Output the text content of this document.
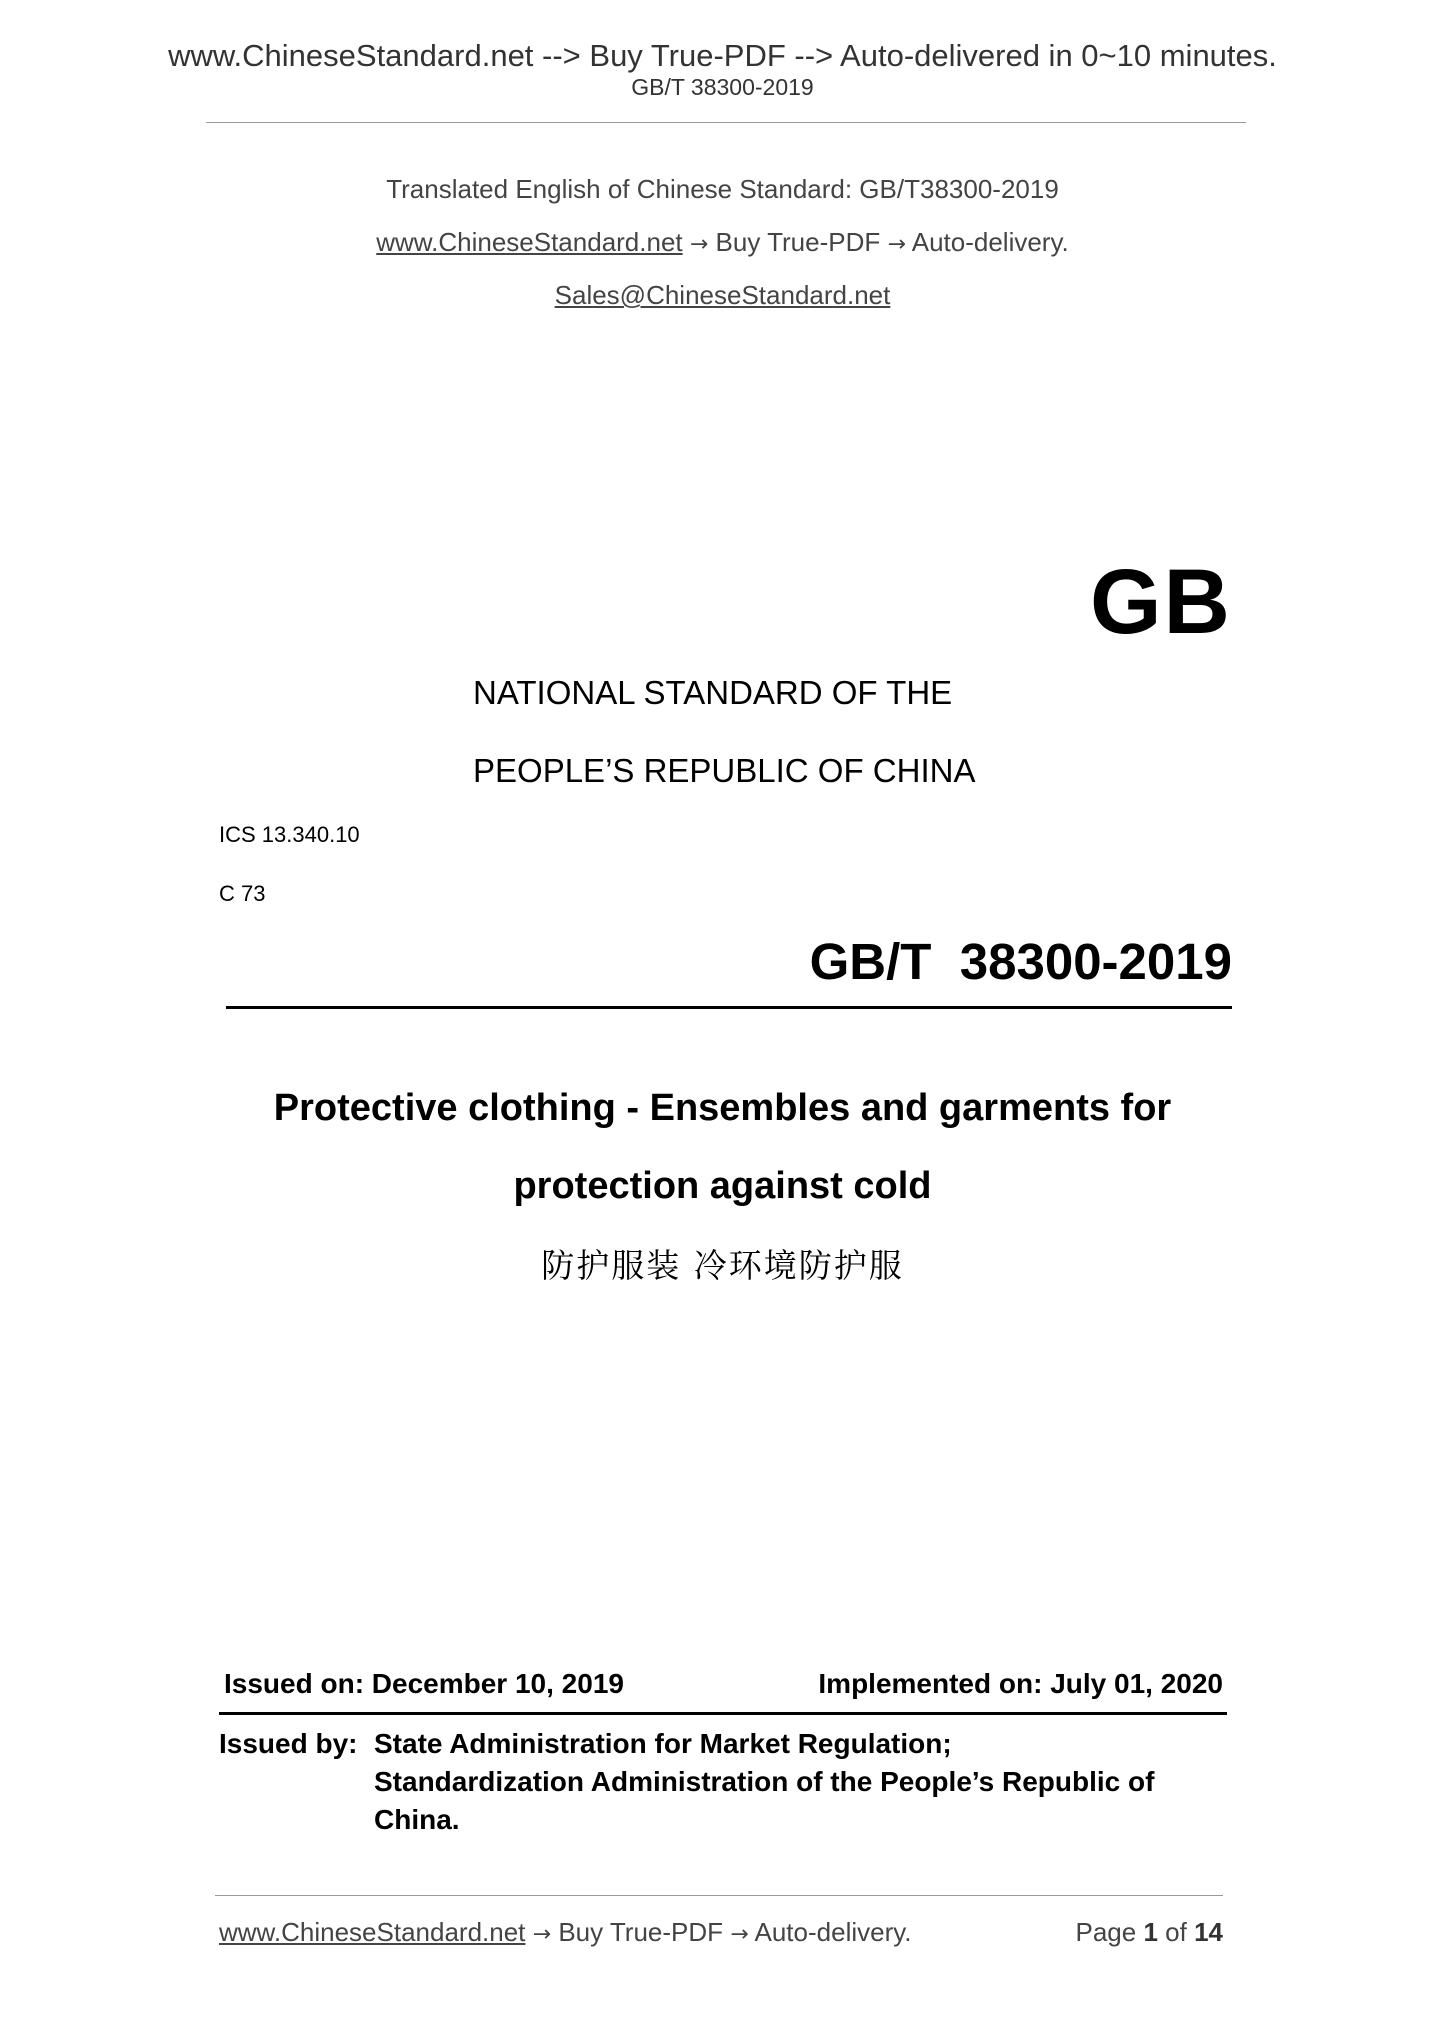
www.ChineseStandard.net --> Buy True-PDF --> Auto-delivered in 0~10 minutes.
GB/T 38300-2019
Translated English of Chinese Standard: GB/T38300-2019
www.ChineseStandard.net → Buy True-PDF → Auto-delivery.
Sales@ChineseStandard.net
GB
NATIONAL STANDARD OF THE
PEOPLE’S REPUBLIC OF CHINA
ICS 13.340.10
C 73
GB/T  38300-2019
Protective clothing - Ensembles and garments for
protection against cold
防护服装 冷环境防护服
Issued on: December 10, 2019	Implemented on: July 01, 2020
Issued by: State Administration for Market Regulation;
Standardization Administration of the People’s Republic of
China.
www.ChineseStandard.net → Buy True-PDF → Auto-delivery.	Page 1 of 14
